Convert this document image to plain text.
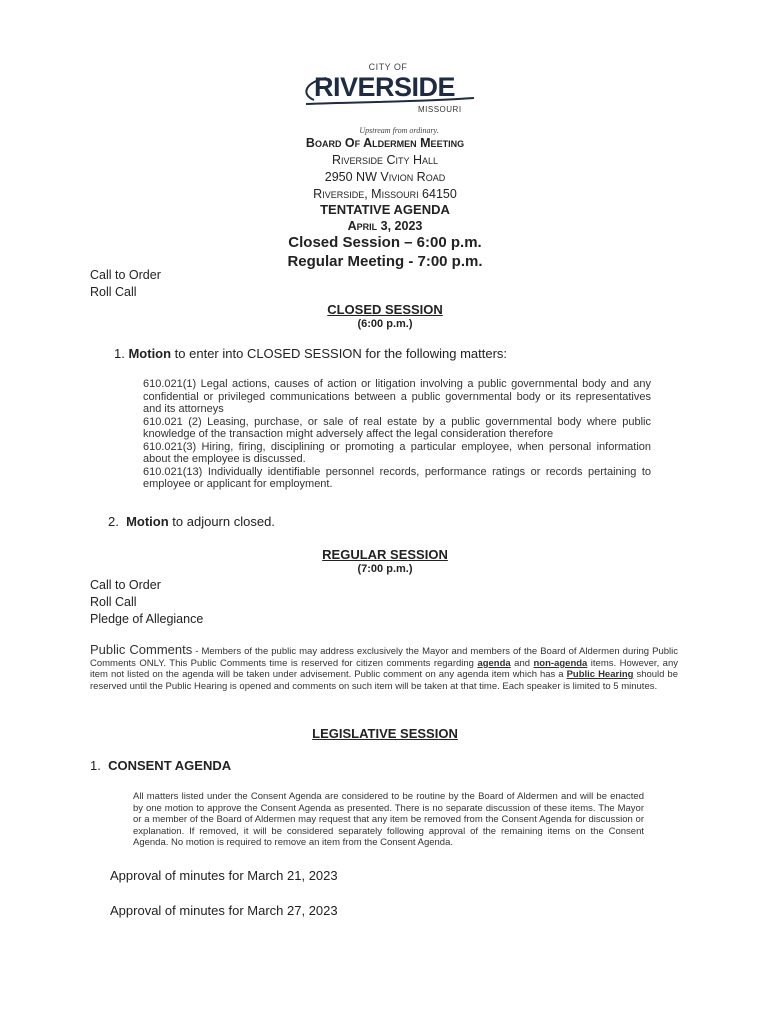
CITY OF
RIVERSIDE
MISSOURI
Upstream from ordinary.
Board Of Aldermen Meeting
Riverside City Hall
2950 NW Vivion Road
Riverside, Missouri 64150
TENTATIVE AGENDA
April 3, 2023
Closed Session – 6:00 p.m.
Regular Meeting - 7:00 p.m.
Call to Order
Roll Call
CLOSED SESSION
(6:00 p.m.)
1. Motion to enter into CLOSED SESSION for the following matters:
610.021(1) Legal actions, causes of action or litigation involving a public governmental body and any confidential or privileged communications between a public governmental body or its representatives and its attorneys
610.021 (2) Leasing, purchase, or sale of real estate by a public governmental body where public knowledge of the transaction might adversely affect the legal consideration therefore
610.021(3) Hiring, firing, disciplining or promoting a particular employee, when personal information about the employee is discussed.
610.021(13) Individually identifiable personnel records, performance ratings or records pertaining to employee or applicant for employment.
2. Motion to adjourn closed.
REGULAR SESSION
(7:00 p.m.)
Call to Order
Roll Call
Pledge of Allegiance
Public Comments - Members of the public may address exclusively the Mayor and members of the Board of Aldermen during Public Comments ONLY. This Public Comments time is reserved for citizen comments regarding agenda and non-agenda items. However, any item not listed on the agenda will be taken under advisement. Public comment on any agenda item which has a Public Hearing should be reserved until the Public Hearing is opened and comments on such item will be taken at that time. Each speaker is limited to 5 minutes.
LEGISLATIVE SESSION
1. CONSENT AGENDA
All matters listed under the Consent Agenda are considered to be routine by the Board of Aldermen and will be enacted by one motion to approve the Consent Agenda as presented. There is no separate discussion of these items. The Mayor or a member of the Board of Aldermen may request that any item be removed from the Consent Agenda for discussion or explanation. If removed, it will be considered separately following approval of the remaining items on the Consent Agenda. No motion is required to remove an item from the Consent Agenda.
Approval of minutes for March 21, 2023
Approval of minutes for March 27, 2023
